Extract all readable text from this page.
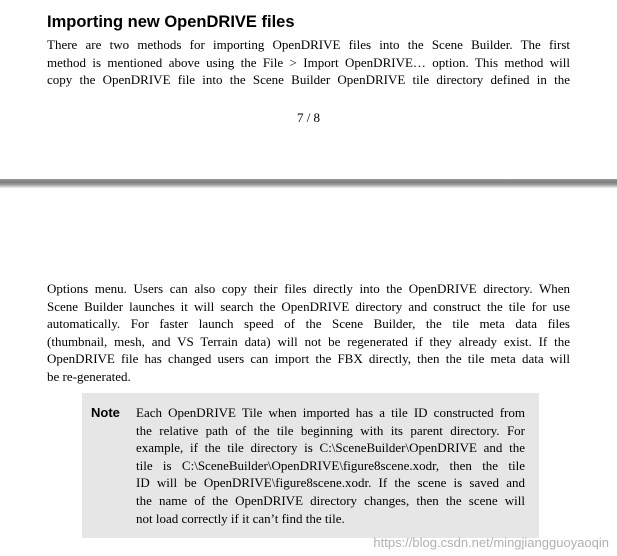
Importing new OpenDRIVE files

There are two methods for importing OpenDRIVE files into the Scene Builder. The first
method is mentioned above using the File > Import OpenDRIVE… option. This method will
copy the OpenDRIVE file into the Scene Builder OpenDRIVE tile directory defined in the

7 / 8

Options menu. Users can also copy their files directly into the OpenDRIVE directory. When
Scene Builder launches it will search the OpenDRIVE directory and construct the tile for use
automatically. For faster launch speed of the Scene Builder, the tile meta data files
(thumbnail, mesh, and VS Terrain data) will not be regenerated if they already exist. If the
OpenDRIVE file has changed users can import the FBX directly, then the tile meta data will
be re-generated.

Note Each OpenDRIVE Tile when imported has a tile ID constructed from
the relative path of the tile beginning with its parent directory. For
example, if the tile directory is C:\SceneBuilder\OpenDRIVE and the
tile is C:\SceneBuilder\OpenDRIVE\figure8scene.xodr, then the tile
ID will be OpenDRIVE\figure8scene.xodr. If the scene is saved and
the name of the OpenDRIVE directory changes, then the scene will
not load correctly if it can’t find the tile.

https://blog.csdn.net/mingjiangguoyaoqin
